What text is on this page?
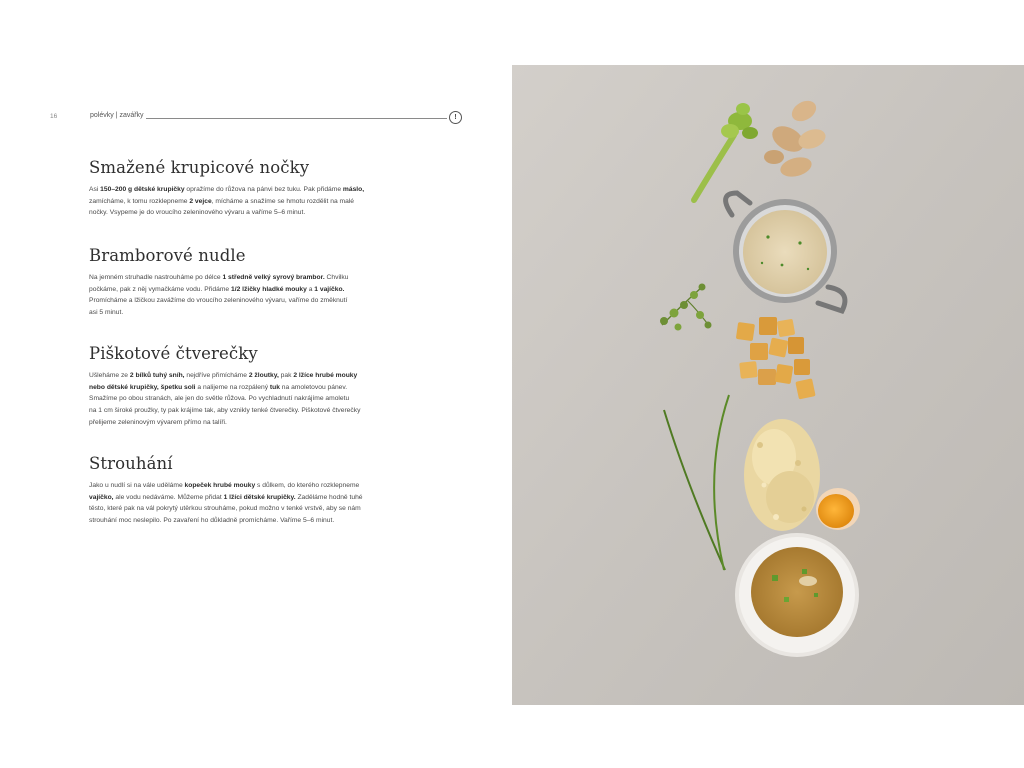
16	polévky | zavářky	!
Smažené krupicové nočky
Asi 150–200 g dětské krupičky opražíme do růžova na pánvi bez tuku. Pak přidáme máslo,
zamícháme, k tomu rozklepneme 2 vejce, mícháme a snažíme se hmotu rozdělit na malé
nočky. Vsypeme je do vroucího zeleninového vývaru a vaříme 5–6 minut.
Bramborové nudle
Na jemném struhadle nastrouháme po délce 1 středně velký syrový brambor. Chvilku
počkáme, pak z něj vymačkáme vodu. Přidáme 1/2 lžičky hladké mouky a 1 vajíčko.
Promícháme a lžičkou zavážíme do vroucího zeleninového vývaru, vaříme do změknutí
asi 5 minut.
Piškotové čtverečky
Ušleháme ze 2 bílků tuhý sníh, nejdříve přimícháme 2 žloutky, pak 2 lžíce hrubé mouky
nebo dětské krupičky, špetku soli a nalijeme na rozpálený tuk na amoletovou pánev.
Smažíme po obou stranách, ale jen do světle růžova. Po vychladnutí nakrájíme amoletu
na 1 cm široké proužky, ty pak krájíme tak, aby vznikly tenké čtverečky. Piškotové čtverečky
přelijeme zeleninovým vývarem přímo na talíři.
Strouhání
Jako u nudlí si na vále uděláme kopeček hrubé mouky s důlkem, do kterého rozklepneme
vajíčko, ale vodu nedáváme. Můžeme přidat 1 lžíci dětské krupičky. Zaděláme hodně tuhé
těsto, které pak na vál pokrytý utěrkou strouháme, pokud možno v tenké vrstvě, aby se nám
strouhání moc neslepilo. Po zavaření ho důkladně promícháme. Vaříme 5–6 minut.
